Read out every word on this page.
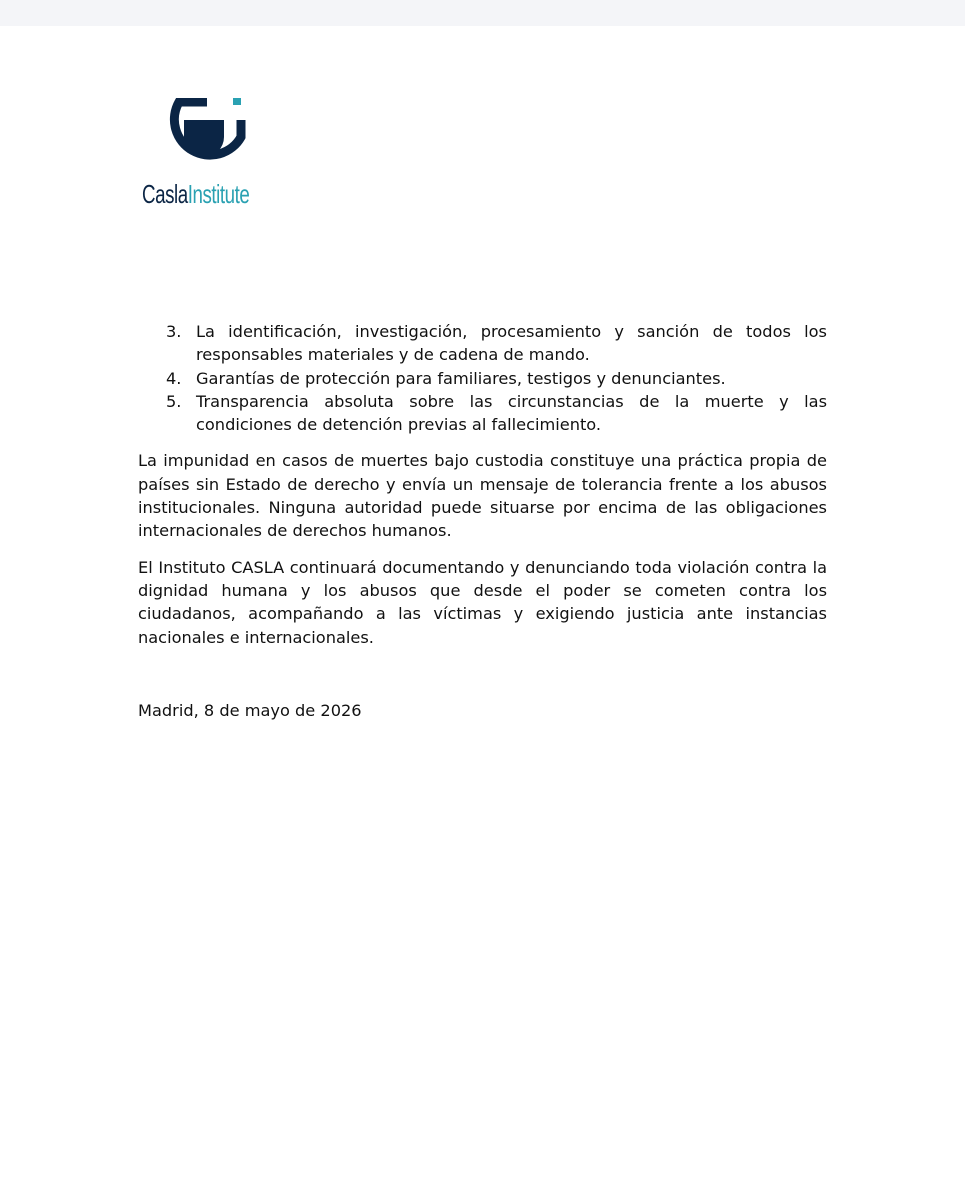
CaslaInstitute
3. La identificación, investigación, procesamiento y sanción de todos los responsables materiales y de cadena de mando.
4. Garantías de protección para familiares, testigos y denunciantes.
5. Transparencia absoluta sobre las circunstancias de la muerte y las condiciones de detención previas al fallecimiento.

La impunidad en casos de muertes bajo custodia constituye una práctica propia de países sin Estado de derecho y envía un mensaje de tolerancia frente a los abusos institucionales. Ninguna autoridad puede situarse por encima de las obligaciones internacionales de derechos humanos.

El Instituto CASLA continuará documentando y denunciando toda violación contra la dignidad humana y los abusos que desde el poder se cometen contra los ciudadanos, acompañando a las víctimas y exigiendo justicia ante instancias nacionales e internacionales.

Madrid, 8 de mayo de 2026
